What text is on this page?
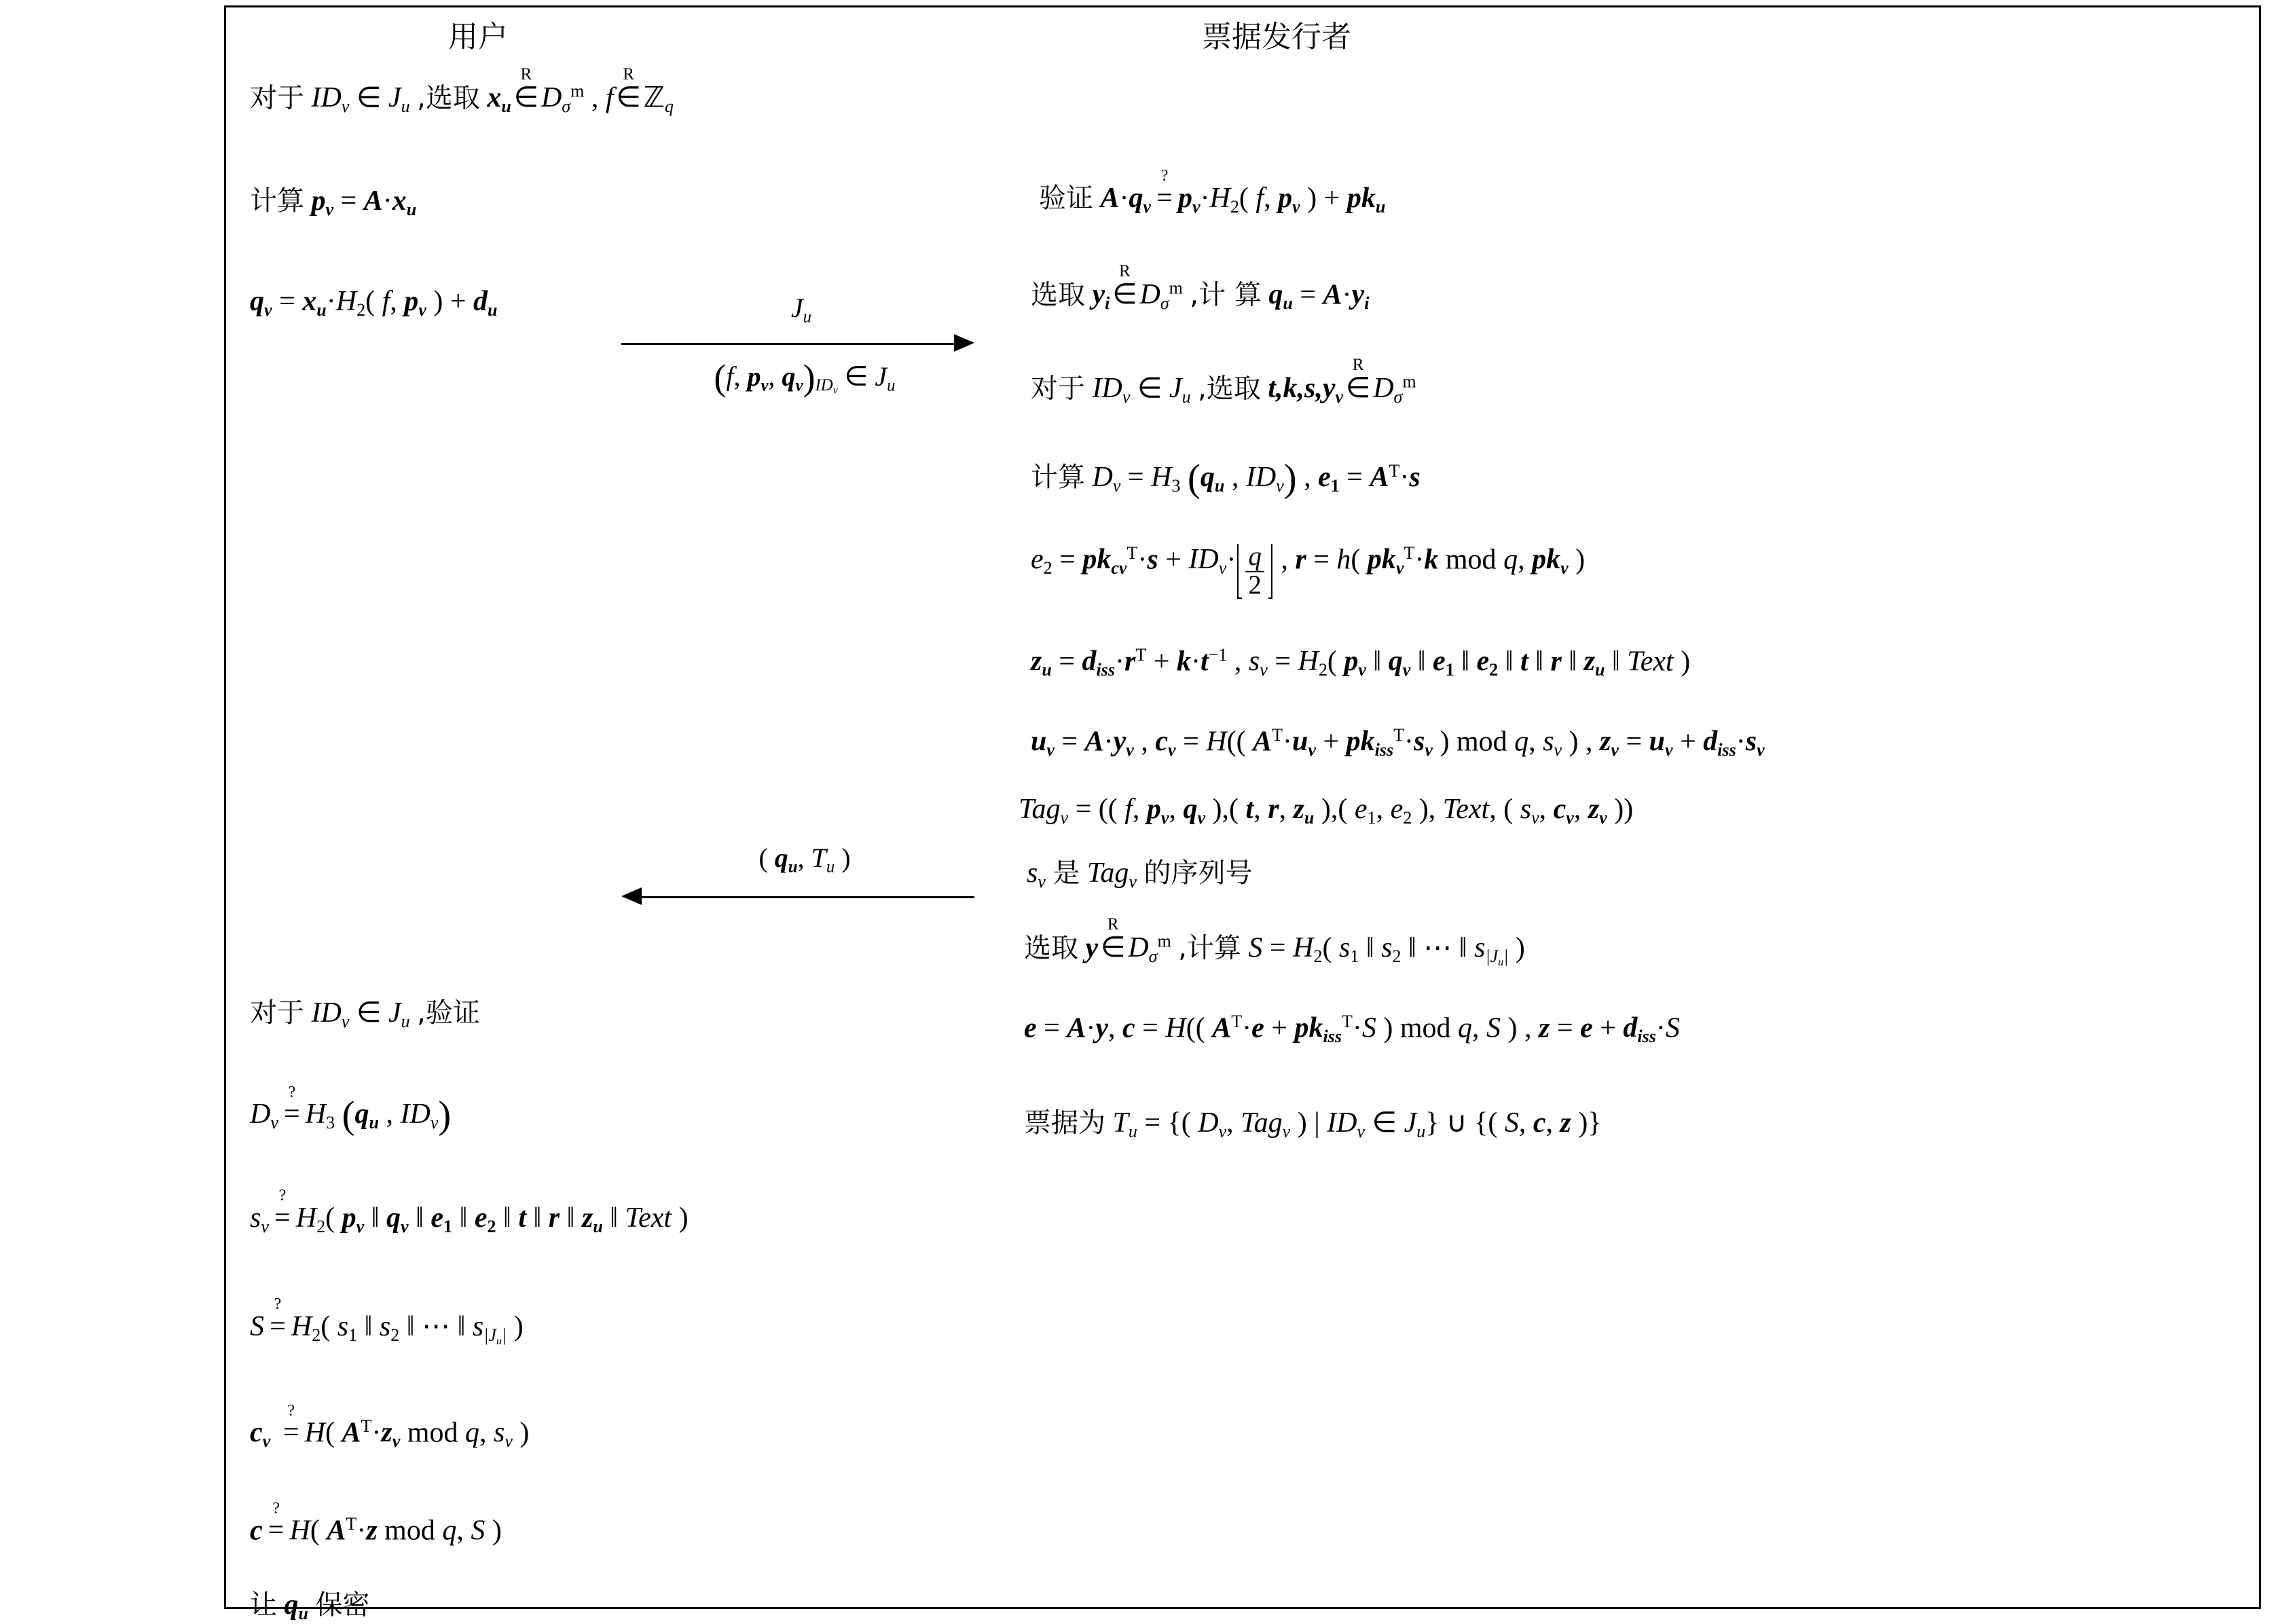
用户	票据发行者
对于 $ID_v$ ∈ $J_u$ ,选取 $x_u$
R
$\in D_\sigma^m$ , f
R
∈ℤ$_q$
计算 $p_v = A\cdot x_u$
$q_v = x_u\cdot H_2$( f, $p_v$ ) + $d_u$
对于 $ID_v$ ∈ $J_u$ ,验证
$D_v$
?
= $H_3$ ($q_u$ , $ID_v$)
$s_v$
?
= $H_2$( $p_v$ ‖ $q_v$ ‖ $e_1$ ‖ $e_2$ ‖ t ‖ r ‖ $z_u$ ‖ Text )
S
?
= $H_2$( $s_1$ ‖ $s_2$ ‖ ⋯ ‖ $s_{|J_u|}$ )
$c_v$
?
= H( $A^T\cdot z_v$ mod q, $s_v$ )
c
?
= H( $A^T\cdot z$ mod q, S )
让 $q_u$ 保密
$J_u$
(f, $p_v$, $q_v)_{ID_v}$ ∈ $J_u$
( $q_u$, $T_u$ )
验证 $A\cdot q_v$
?
= $p_v\cdot H_2$( f, $p_v$ ) + $pk_u$
选取 $y_i$
R
$\in D_\sigma^m$ ,计 算 $q_u = A\cdot y_i$
对于 $ID_v$ ∈ $J_u$ ,选取 $t,k,s,y_v$
R
$\in D_\sigma^m$
计算 $D_v = H_3$ ($q_u$ , $ID_v$) , $e_1 = A^T\cdot s$
$e_2 = pk_{cv}^T\cdot s + ID_v\cdot \frac{q}{2}$ , r = h( $pk_v^T\cdot k$ mod q, $pk_v$ )
$z_u = d_{iss}\cdot r^T + k\cdot t^{-1}$ , $s_v = H_2$( $p_v$ ‖ $q_v$ ‖ $e_1$ ‖ $e_2$ ‖ t ‖ r ‖ $z_u$ ‖ Text )
$u_v = A\cdot y_v$ , $c_v = H$(( $A^T\cdot u_v + pk_{iss}^T\cdot s_v$ ) mod q, $s_v$ ) , $z_v = u_v + d_{iss}\cdot s_v$
Tag$_v$ = (( f, $p_v$, $q_v$ ),( t, r, $z_u$ ),( $e_1$, $e_2$ ), Text, ( $s_v$, $c_v$, $z_v$ ))
$s_v$ 是 Tag$_v$ 的序列号
选取 y
R
$\in D_\sigma^m$ ,计算 $S = H_2$( $s_1$ ‖ $s_2$ ‖ ⋯ ‖ $s_{|J_u|}$ )
e = A·y, c = H(( $A^T\cdot e + pk_{iss}^T\cdot S$ ) mod q, S ) , $z = e + d_{iss}\cdot S$
票据为 $T_u$ = {( $D_v$, Tag$_v$ ) | $ID_v$ ∈ $J_u$} ∪ {( S, c, z )}
